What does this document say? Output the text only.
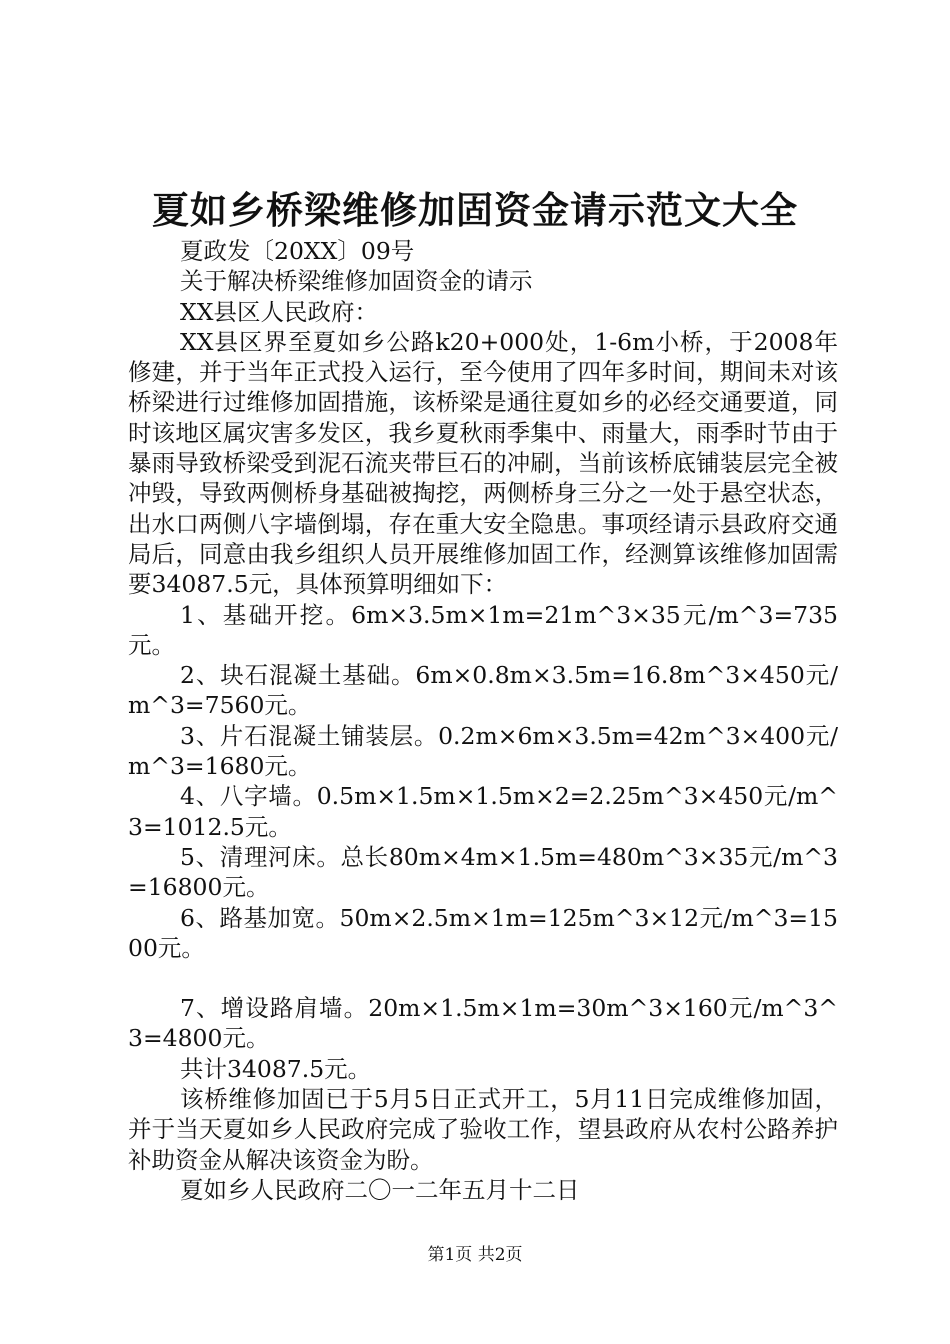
夏如乡桥梁维修加固资金请示范文大全

夏政发〔20XX〕09号

关于解决桥梁维修加固资金的请示

XX县区人民政府：

XX县区界至夏如乡公路k20+000处，1-6m小桥，于2008年修建，并于当年正式投入运行，至今使用了四年多时间，期间未对该桥梁进行过维修加固措施，该桥梁是通往夏如乡的必经交通要道，同时该地区属灾害多发区，我乡夏秋雨季集中、雨量大，雨季时节由于暴雨导致桥梁受到泥石流夹带巨石的冲刷，当前该桥底铺装层完全被冲毁，导致两侧桥身基础被掏挖，两侧桥身三分之一处于悬空状态，出水口两侧八字墙倒塌，存在重大安全隐患。事项经请示县政府交通局后，同意由我乡组织人员开展维修加固工作，经测算该维修加固需要34087.5元，具体预算明细如下：

1、基础开挖。6m×3.5m×1m=21m^3×35元/m^3=735元。

2、块石混凝土基础。6m×0.8m×3.5m=16.8m^3×450元/m^3=7560元。

3、片石混凝土铺装层。0.2m×6m×3.5m=42m^3×400元/m^3=1680元。

4、八字墙。0.5m×1.5m×1.5m×2=2.25m^3×450元/m^3=1012.5元。

5、清理河床。总长80m×4m×1.5m=480m^3×35元/m^3=16800元。

6、路基加宽。50m×2.5m×1m=125m^3×12元/m^3=1500元。

7、增设路肩墙。20m×1.5m×1m=30m^3×160元/m^3^3=4800元。

共计34087.5元。

该桥维修加固已于5月5日正式开工，5月11日完成维修加固，并于当天夏如乡人民政府完成了验收工作，望县政府从农村公路养护补助资金从解决该资金为盼。

夏如乡人民政府二〇一二年五月十二日

第1页 共2页
